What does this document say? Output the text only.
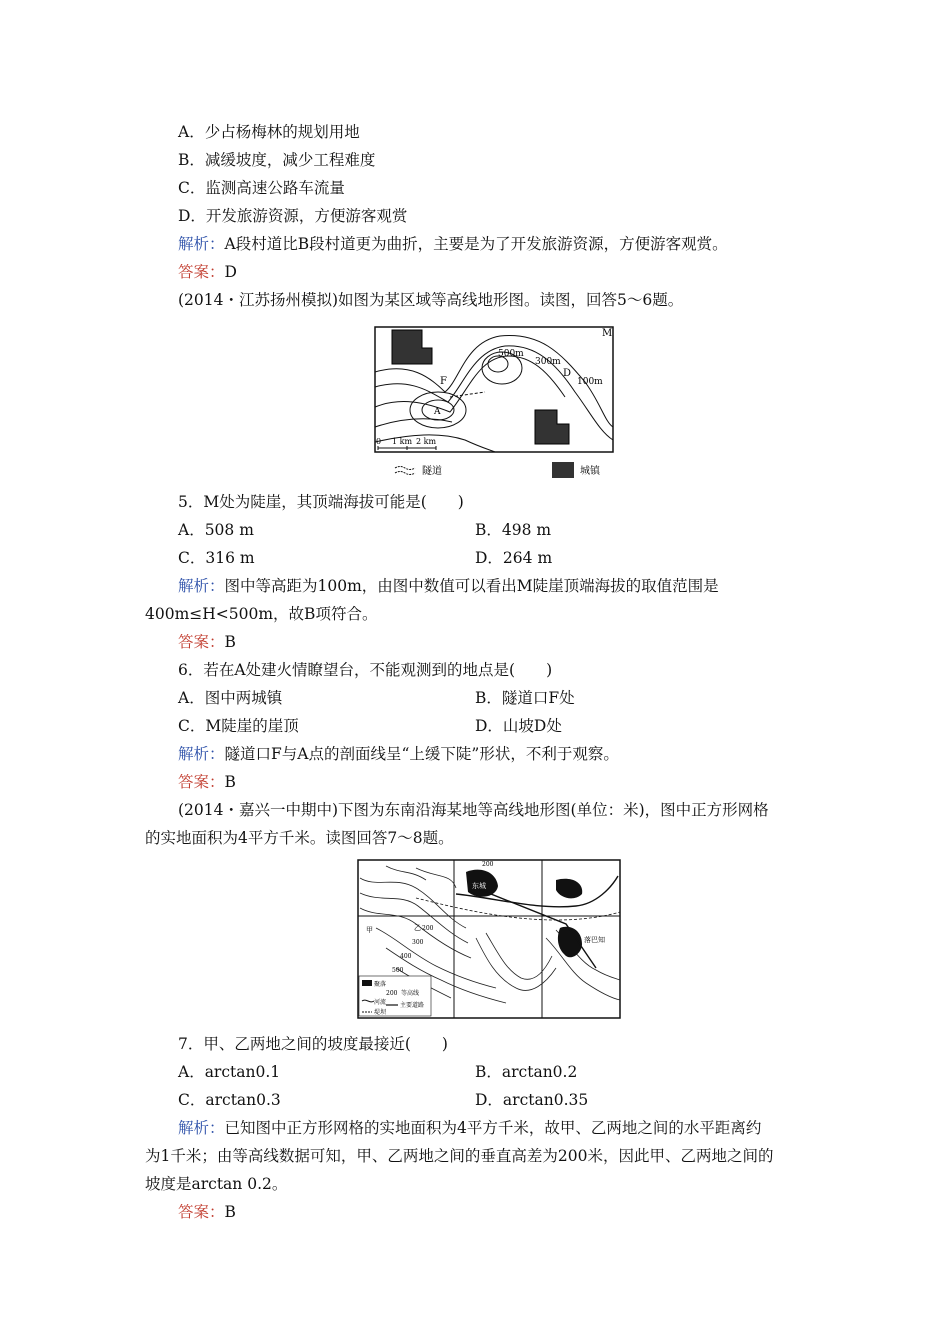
A．少占杨梅林的规划用地
B．减缓坡度，减少工程难度
C．监测高速公路车流量
D．开发旅游资源，方便游客观赏
解析：A段村道比B段村道更为曲折，主要是为了开发旅游资源，方便游客观赏。
答案：D
(2014・江苏扬州模拟)如图为某区域等高线地形图。读图，回答5～6题。
500m
300m
100m
M
D
F
A
0 1 km 2 km
隧道	城镇
5．M处为陡崖，其顶端海拔可能是(　　)
A．508 m	B．498 m
C．316 m	D．264 m
解析：图中等高距为100m，由图中数值可以看出M陡崖顶端海拔的取值范围是
400m≤H<500m，故B项符合。
答案：B
6．若在A处建火情瞭望台，不能观测到的地点是(　　)
A．图中两城镇	B．隧道口F处
C．M陡崖的崖顶	D．山坡D处
解析：隧道口F与A点的剖面线呈“上缓下陡”形状，不利于观察。
答案：B
(2014・嘉兴一中期中)下图为东南沿海某地等高线地形图(单位：米)，图中正方形网格
的实地面积为4平方千米。读图回答7～8题。
东城
落巴知
200
乙 200
甲
300
400
500
聚落
200 等高线
河流 主要道路
堤坝
7．甲、乙两地之间的坡度最接近(　　)
A．arctan0.1	B．arctan0.2
C．arctan0.3	D．arctan0.35
解析：已知图中正方形网格的实地面积为4平方千米，故甲、乙两地之间的水平距离约
为1千米；由等高线数据可知，甲、乙两地之间的垂直高差为200米，因此甲、乙两地之间的
坡度是arctan 0.2。
答案：B
